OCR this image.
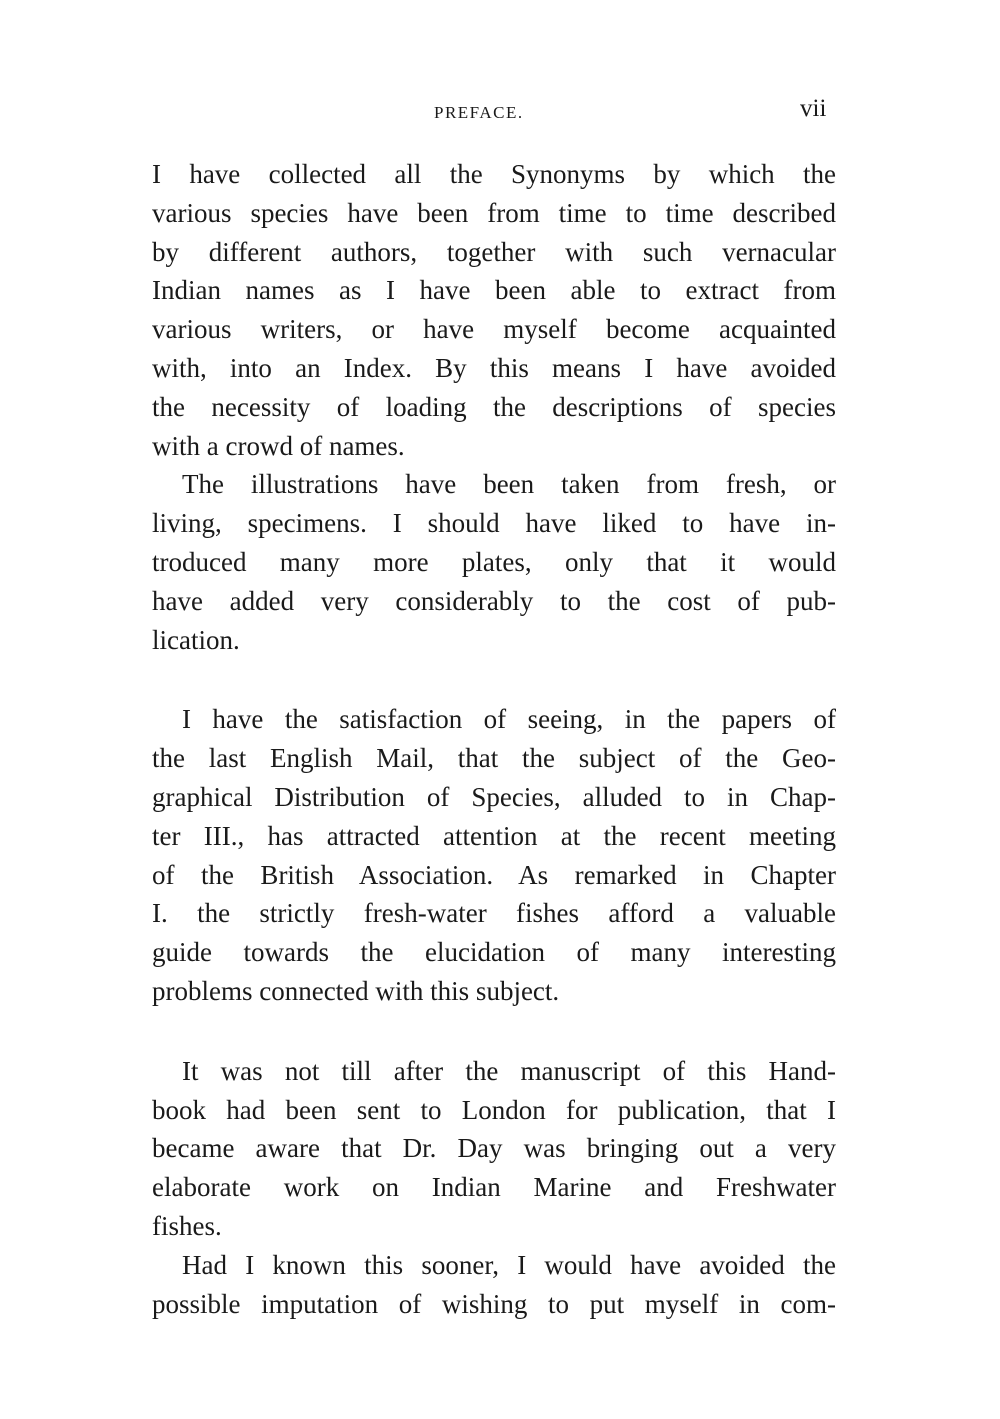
PREFACE.	vii
I have collected all the Synonyms by which the
various species have been from time to time described
by different authors, together with such vernacular
Indian names as I have been able to extract from
various writers, or have myself become acquainted
with, into an Index. By this means I have avoided
the necessity of loading the descriptions of species
with a crowd of names.
The illustrations have been taken from fresh, or
living, specimens. I should have liked to have in-
troduced many more plates, only that it would
have added very considerably to the cost of pub-
lication.
I have the satisfaction of seeing, in the papers of
the last English Mail, that the subject of the Geo-
graphical Distribution of Species, alluded to in Chap-
ter III., has attracted attention at the recent meeting
of the British Association. As remarked in Chapter
I. the strictly fresh-water fishes afford a valuable
guide towards the elucidation of many interesting
problems connected with this subject.
It was not till after the manuscript of this Hand-
book had been sent to London for publication, that I
became aware that Dr. Day was bringing out a very
elaborate work on Indian Marine and Freshwater
fishes.
Had I known this sooner, I would have avoided the
possible imputation of wishing to put myself in com-
